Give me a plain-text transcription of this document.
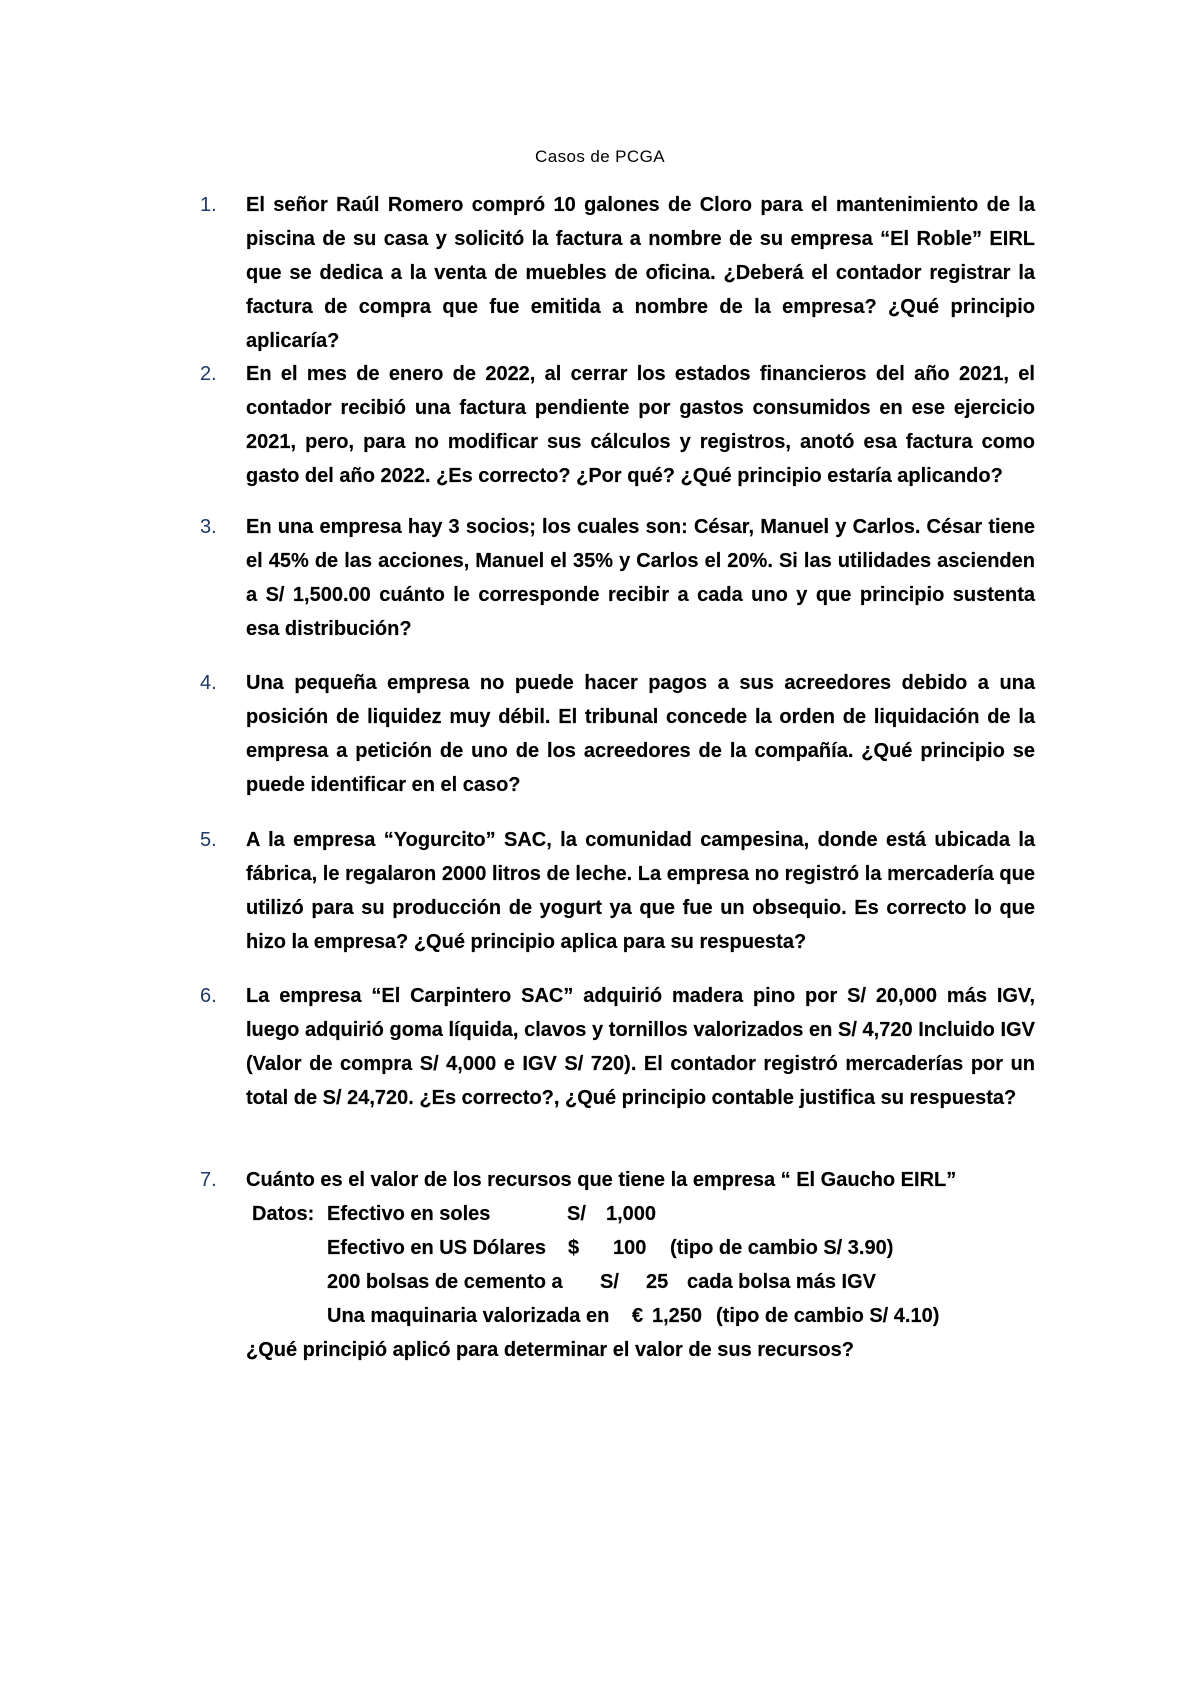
Casos de PCGA
1. El señor Raúl Romero compró 10 galones de Cloro para el mantenimiento de la piscina de su casa y solicitó la factura a nombre de su empresa “El Roble” EIRL que se dedica a la venta de muebles de oficina. ¿Deberá el contador registrar la factura de compra que fue emitida a nombre de la empresa? ¿Qué principio aplicaría?

2. En el mes de enero de 2022, al cerrar los estados financieros del año 2021, el contador recibió una factura pendiente por gastos consumidos en ese ejercicio 2021, pero, para no modificar sus cálculos y registros, anotó esa factura como gasto del año 2022. ¿Es correcto? ¿Por qué? ¿Qué principio estaría aplicando?

3. En una empresa hay 3 socios; los cuales son: César, Manuel y Carlos. César tiene el 45% de las acciones, Manuel el 35% y Carlos el 20%. Si las utilidades ascienden a S/ 1,500.00 cuánto le corresponde recibir a cada uno y que principio sustenta esa distribución?

4. Una pequeña empresa no puede hacer pagos a sus acreedores debido a una posición de liquidez muy débil. El tribunal concede la orden de liquidación de la empresa a petición de uno de los acreedores de la compañía. ¿Qué principio se puede identificar en el caso?

5. A la empresa “Yogurcito” SAC, la comunidad campesina, donde está ubicada la fábrica, le regalaron 2000 litros de leche. La empresa no registró la mercadería que utilizó para su producción de yogurt ya que fue un obsequio. Es correcto lo que hizo la empresa? ¿Qué principio aplica para su respuesta?

6. La empresa “El Carpintero SAC” adquirió madera pino por S/ 20,000 más IGV, luego adquirió goma líquida, clavos y tornillos valorizados en S/ 4,720 Incluido IGV (Valor de compra S/ 4,000 e IGV S/ 720). El contador registró mercaderías por un total de S/ 24,720. ¿Es correcto?, ¿Qué principio contable justifica su respuesta?

7. Cuánto es el valor de los recursos que tiene la empresa “ El Gaucho EIRL”

Datos: Efectivo en soles	S/ 1,000
Efectivo en US Dólares $ 100 (tipo de cambio S/ 3.90)
200 bolsas de cemento a S/ 25 cada bolsa más IGV
Una maquinaria valorizada en € 1,250 (tipo de cambio S/ 4.10)
¿Qué principió aplicó para determinar el valor de sus recursos?
